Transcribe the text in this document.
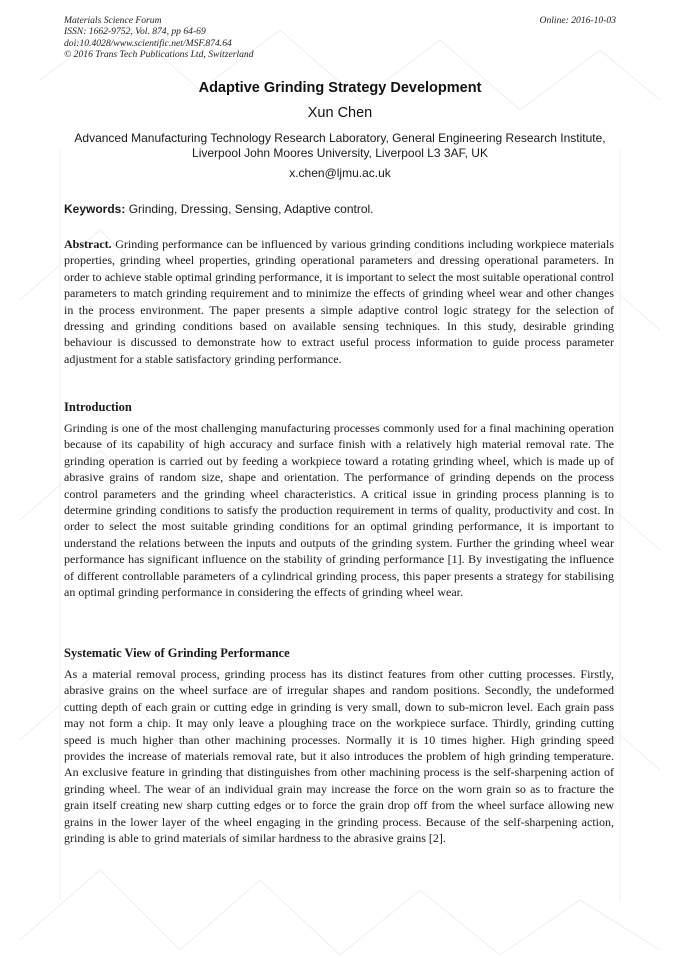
Materials Science Forum
ISSN: 1662-9752, Vol. 874, pp 64-69
doi:10.4028/www.scientific.net/MSF.874.64
© 2016 Trans Tech Publications Ltd, Switzerland
Online: 2016-10-03
Adaptive Grinding Strategy Development
Xun Chen
Advanced Manufacturing Technology Research Laboratory, General Engineering Research Institute, Liverpool John Moores University, Liverpool L3 3AF, UK
x.chen@ljmu.ac.uk
Keywords: Grinding, Dressing, Sensing, Adaptive control.
Abstract. Grinding performance can be influenced by various grinding conditions including workpiece materials properties, grinding wheel properties, grinding operational parameters and dressing operational parameters. In order to achieve stable optimal grinding performance, it is important to select the most suitable operational control parameters to match grinding requirement and to minimize the effects of grinding wheel wear and other changes in the process environment. The paper presents a simple adaptive control logic strategy for the selection of dressing and grinding conditions based on available sensing techniques. In this study, desirable grinding behaviour is discussed to demonstrate how to extract useful process information to guide process parameter adjustment for a stable satisfactory grinding performance.
Introduction
Grinding is one of the most challenging manufacturing processes commonly used for a final machining operation because of its capability of high accuracy and surface finish with a relatively high material removal rate. The grinding operation is carried out by feeding a workpiece toward a rotating grinding wheel, which is made up of abrasive grains of random size, shape and orientation. The performance of grinding depends on the process control parameters and the grinding wheel characteristics. A critical issue in grinding process planning is to determine grinding conditions to satisfy the production requirement in terms of quality, productivity and cost. In order to select the most suitable grinding conditions for an optimal grinding performance, it is important to understand the relations between the inputs and outputs of the grinding system. Further the grinding wheel wear performance has significant influence on the stability of grinding performance [1]. By investigating the influence of different controllable parameters of a cylindrical grinding process, this paper presents a strategy for stabilising an optimal grinding performance in considering the effects of grinding wheel wear.
Systematic View of Grinding Performance
As a material removal process, grinding process has its distinct features from other cutting processes. Firstly, abrasive grains on the wheel surface are of irregular shapes and random positions. Secondly, the undeformed cutting depth of each grain or cutting edge in grinding is very small, down to sub-micron level. Each grain pass may not form a chip. It may only leave a ploughing trace on the workpiece surface. Thirdly, grinding cutting speed is much higher than other machining processes. Normally it is 10 times higher. High grinding speed provides the increase of materials removal rate, but it also introduces the problem of high grinding temperature. An exclusive feature in grinding that distinguishes from other machining process is the self-sharpening action of grinding wheel. The wear of an individual grain may increase the force on the worn grain so as to fracture the grain itself creating new sharp cutting edges or to force the grain drop off from the wheel surface allowing new grains in the lower layer of the wheel engaging in the grinding process. Because of the self-sharpening action, grinding is able to grind materials of similar hardness to the abrasive grains [2].
